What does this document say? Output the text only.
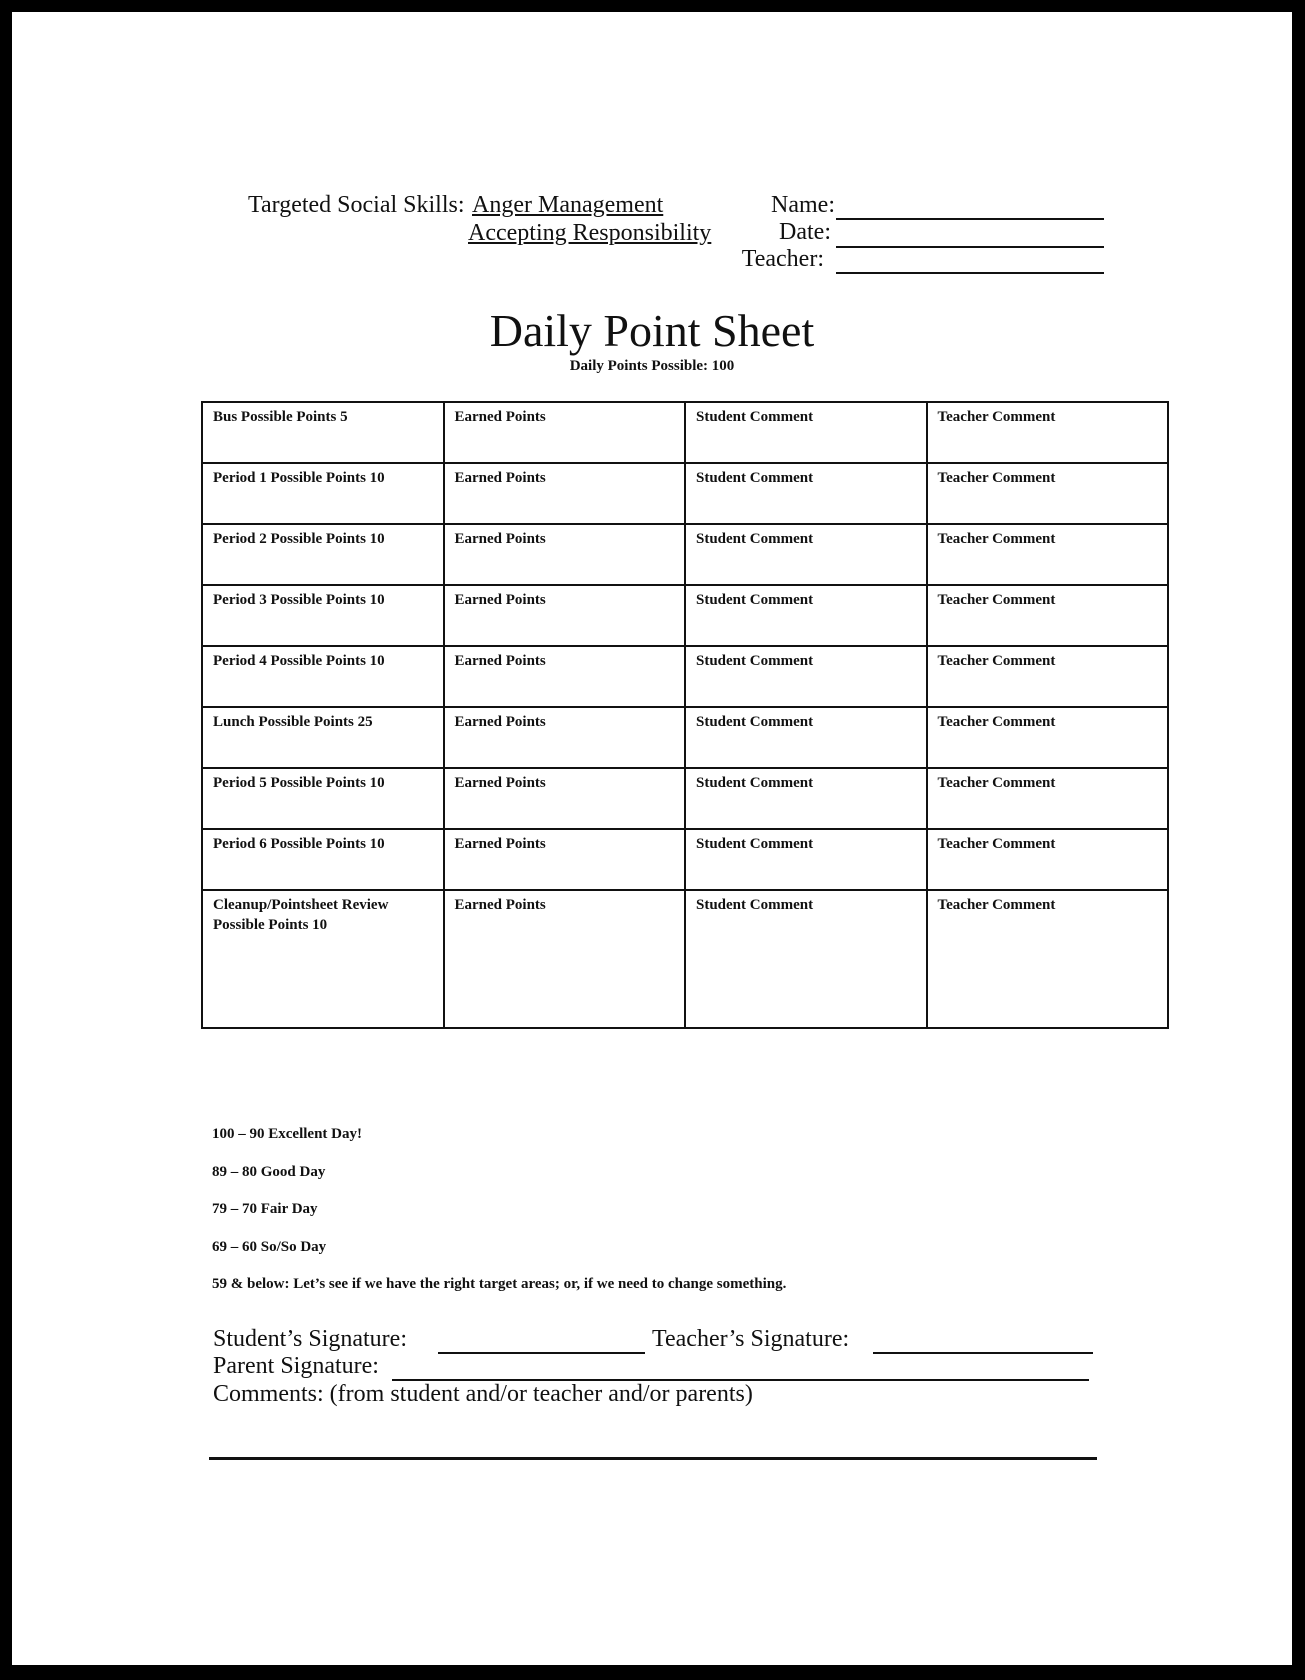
Targeted Social Skills: Anger Management
Accepting Responsibility
Name:
Date:
Teacher:
Daily Point Sheet
Daily Points Possible: 100
Bus Possible Points 5	Earned Points	Student Comment	Teacher Comment
Period 1 Possible Points 10	Earned Points	Student Comment	Teacher Comment
Period 2 Possible Points 10	Earned Points	Student Comment	Teacher Comment
Period 3 Possible Points 10	Earned Points	Student Comment	Teacher Comment
Period 4 Possible Points 10	Earned Points	Student Comment	Teacher Comment
Lunch Possible Points 25	Earned Points	Student Comment	Teacher Comment
Period 5 Possible Points 10	Earned Points	Student Comment	Teacher Comment
Period 6 Possible Points 10	Earned Points	Student Comment	Teacher Comment
Cleanup/Pointsheet Review Possible Points 10	Earned Points	Student Comment	Teacher Comment
100 – 90 Excellent Day!
89 – 80 Good Day
79 – 70 Fair Day
69 – 60 So/So Day
59 & below: Let’s see if we have the right target areas; or, if we need to change something.
Student’s Signature:	Teacher’s Signature:
Parent Signature:
Comments: (from student and/or teacher and/or parents)
